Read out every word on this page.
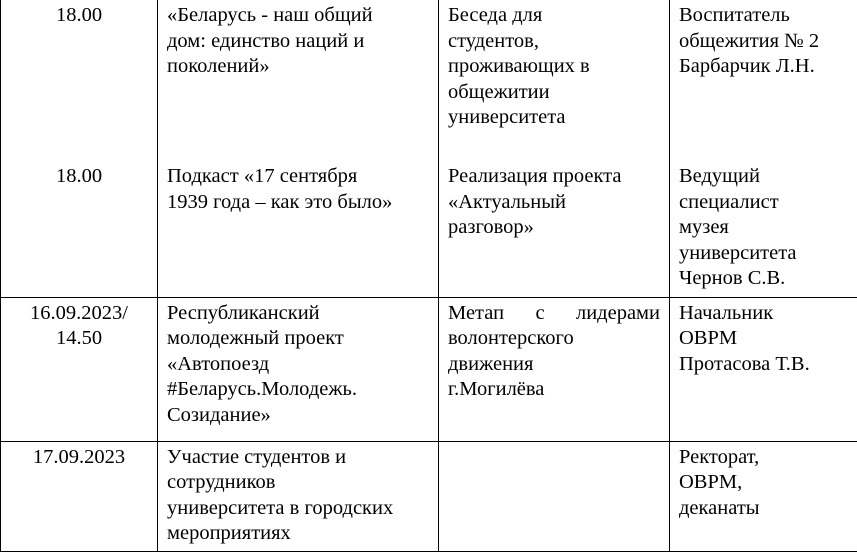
18.00	«Беларусь - наш общий
дом: единство наций и
поколений»	Беседа для
студентов,
проживающих в
общежитии
университета	Воспитатель
общежития № 2
Барбарчик Л.Н.

18.00	Подкаст «17 сентября
1939 года – как это было»	Реализация проекта
«Актуальный
разговор»	Ведущий
специалист
музея
университета
Чернов С.В.

16.09.2023/
14.50	Республиканский
молодежный проект
«Автопоезд
#Беларусь.Молодежь.
Созидание»	Метап с лидерами
волонтерского
движения
г.Могилёва	Начальник
ОВРМ
Протасова Т.В.

17.09.2023	Участие студентов и
сотрудников
университета в городских
мероприятиях		Ректорат,
ОВРМ,
деканаты
